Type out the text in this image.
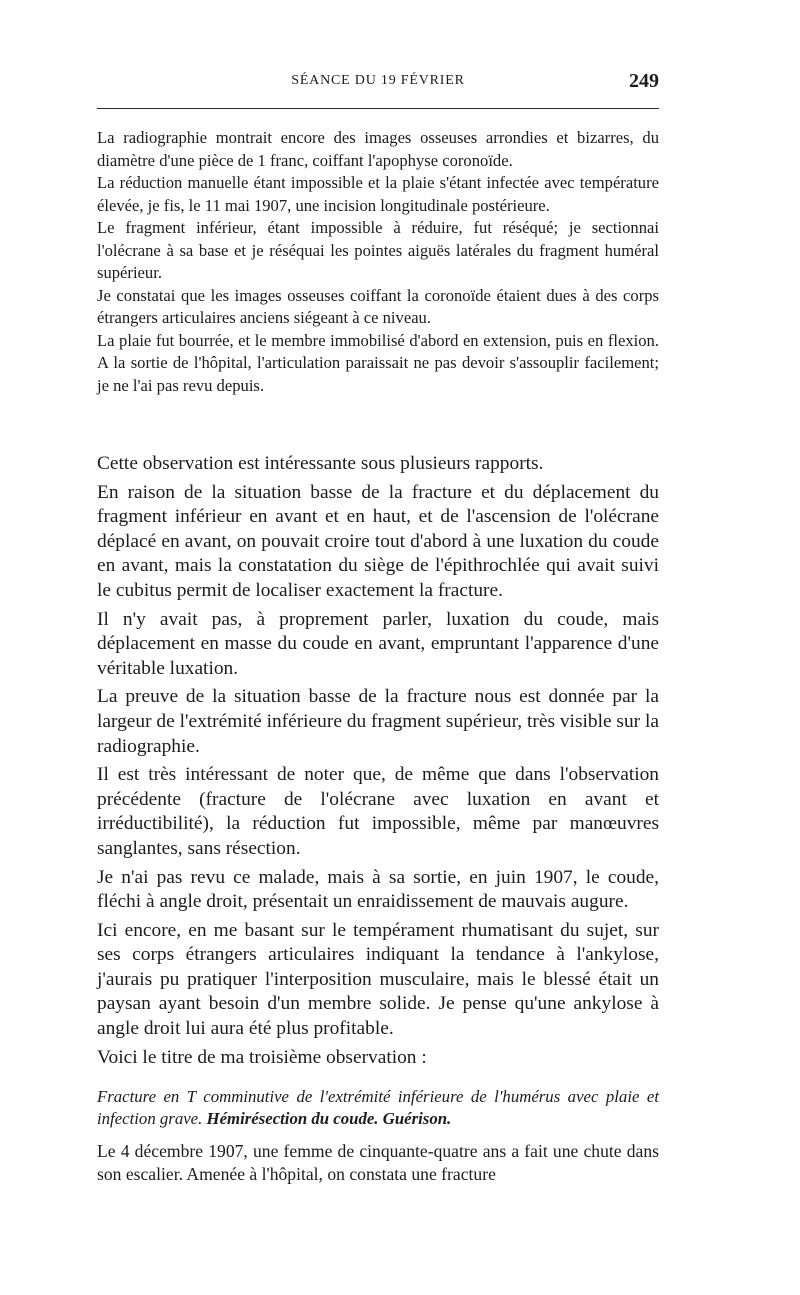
SÉANCE DU 19 FÉVRIER	249

La radiographie montrait encore des images osseuses arrondies et bizarres, du diamètre d'une pièce de 1 franc, coiffant l'apophyse coronoïde.

La réduction manuelle étant impossible et la plaie s'étant infectée avec température élevée, je fis, le 11 mai 1907, une incision longitudinale postérieure.

Le fragment inférieur, étant impossible à réduire, fut réséqué; je sectionnai l'olécrane à sa base et je réséquai les pointes aiguës latérales du fragment huméral supérieur.

Je constatai que les images osseuses coiffant la coronoïde étaient dues à des corps étrangers articulaires anciens siégeant à ce niveau.

La plaie fut bourrée, et le membre immobilisé d'abord en extension, puis en flexion. A la sortie de l'hôpital, l'articulation paraissait ne pas devoir s'assouplir facilement; je ne l'ai pas revu depuis.

Cette observation est intéressante sous plusieurs rapports.

En raison de la situation basse de la fracture et du déplacement du fragment inférieur en avant et en haut, et de l'ascension de l'olécrane déplacé en avant, on pouvait croire tout d'abord à une luxation du coude en avant, mais la constatation du siège de l'épithrochlée qui avait suivi le cubitus permit de localiser exactement la fracture.

Il n'y avait pas, à proprement parler, luxation du coude, mais déplacement en masse du coude en avant, empruntant l'apparence d'une véritable luxation.

La preuve de la situation basse de la fracture nous est donnée par la largeur de l'extrémité inférieure du fragment supérieur, très visible sur la radiographie.

Il est très intéressant de noter que, de même que dans l'observation précédente (fracture de l'olécrane avec luxation en avant et irréductibilité), la réduction fut impossible, même par manœuvres sanglantes, sans résection.

Je n'ai pas revu ce malade, mais à sa sortie, en juin 1907, le coude, fléchi à angle droit, présentait un enraidissement de mauvais augure.

Ici encore, en me basant sur le tempérament rhumatisant du sujet, sur ses corps étrangers articulaires indiquant la tendance à l'ankylose, j'aurais pu pratiquer l'interposition musculaire, mais le blessé était un paysan ayant besoin d'un membre solide. Je pense qu'une ankylose à angle droit lui aura été plus profitable.

Voici le titre de ma troisième observation :

Fracture en T comminutive de l'extrémité inférieure de l'humérus avec plaie et infection grave. Hémirésection du coude. Guérison.

Le 4 décembre 1907, une femme de cinquante-quatre ans a fait une chute dans son escalier. Amenée à l'hôpital, on constata une fracture
